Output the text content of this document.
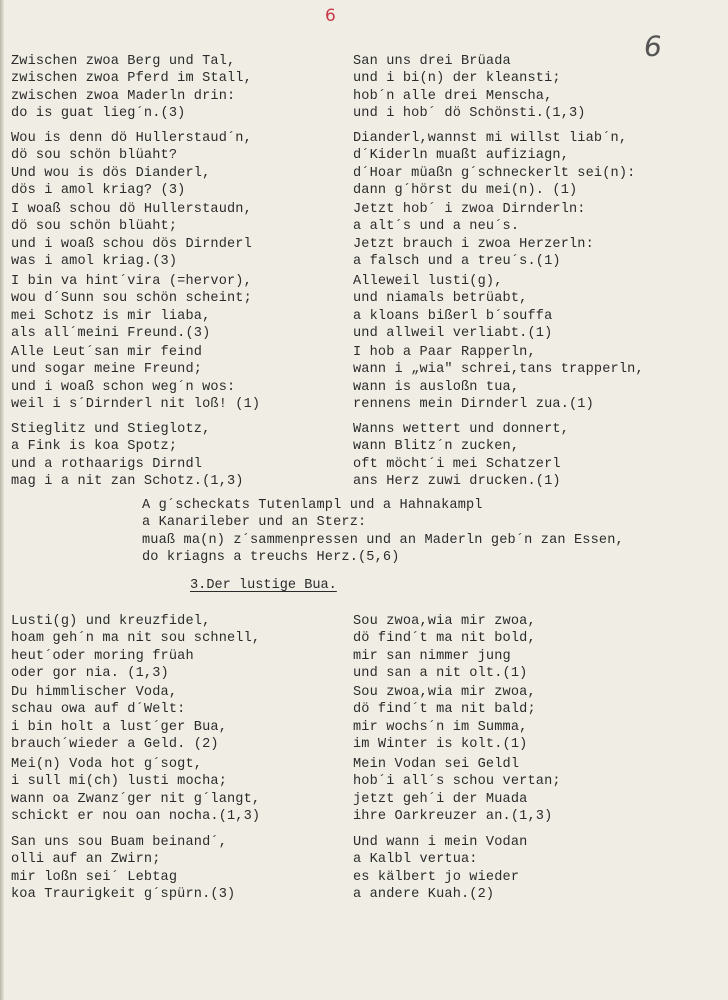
6
6
Zwischen zwoa Berg und Tal,
zwischen zwoa Pferd im Stall,
zwischen zwoa Maderln drin:
do is guat lieg´n.(3)
Wou is denn dö Hullerstaud´n,
dö sou schön blüaht?
Und wou is dös Dianderl,
dös i amol kriag? (3)
I woaß schou dö Hullerstaudn,
dö sou schön blüaht;
und i woaß schou dös Dirnderl
was i amol kriag.(3)
I bin va hint´vira (=hervor),
wou d´Sunn sou schön scheint;
mei Schotz is mir liaba,
als all´meini Freund.(3)
Alle Leut´san mir feind
und sogar meine Freund;
und i woaß schon weg´n wos:
weil i s´Dirnderl nit loß! (1)
Stieglitz und Stieglotz,
a Fink is koa Spotz;
und a rothaarigs Dirndl
mag i a nit zan Schotz.(1,3)
San uns drei Brüada
und i bi(n) der kleansti;
hob´n alle drei Menscha,
und i hob´ dö Schönsti.(1,3)
Dianderl,wannst mi willst liab´n,
d´Kiderln muaßt aufiziagn,
d´Hoar müaßn g´schneckerlt sei(n):
dann g´hörst du mei(n). (1)
Jetzt hob´ i zwoa Dirnderln:
a alt´s und a neu´s.
Jetzt brauch i zwoa Herzerln:
a falsch und a treu´s.(1)
Alleweil lusti(g),
und niamals betrüabt,
a kloans bißerl b´souffa
und allweil verliabt.(1)
I hob a Paar Rapperln,
wann i „wia" schrei,tans trapperln,
wann is ausloßn tua,
rennens mein Dirnderl zua.(1)
Wanns wettert und donnert,
wann Blitz´n zucken,
oft möcht´i mei Schatzerl
ans Herz zuwi drucken.(1)
A g´scheckats Tutenlampl und a Hahnakampl
a Kanarileber und an Sterz:
muaß ma(n) z´sammenpressen und an Maderln geb´n zan Essen,
do kriagns a treuchs Herz.(5,6)
3.Der lustige Bua.
Lusti(g) und kreuzfidel,
hoam geh´n ma nit sou schnell,
heut´oder moring früah
oder gor nia. (1,3)
Du himmlischer Voda,
schau owa auf d´Welt:
i bin holt a lust´ger Bua,
brauch´wieder a Geld. (2)
Mei(n) Voda hot g´sogt,
i sull mi(ch) lusti mocha;
wann oa Zwanz´ger nit g´langt,
schickt er nou oan nocha.(1,3)
San uns sou Buam beinand´,
olli auf an Zwirn;
mir loßn sei´ Lebtag
koa Traurigkeit g´spürn.(3)
Sou zwoa,wia mir zwoa,
dö find´t ma nit bold,
mir san nimmer jung
und san a nit olt.(1)
Sou zwoa,wia mir zwoa,
dö find´t ma nit bald;
mir wochs´n im Summa,
im Winter is kolt.(1)
Mein Vodan sei Geldl
hob´i all´s schou vertan;
jetzt geh´i der Muada
ihre Oarkreuzer an.(1,3)
Und wann i mein Vodan
a Kalbl vertua:
es kälbert jo wieder
a andere Kuah.(2)
